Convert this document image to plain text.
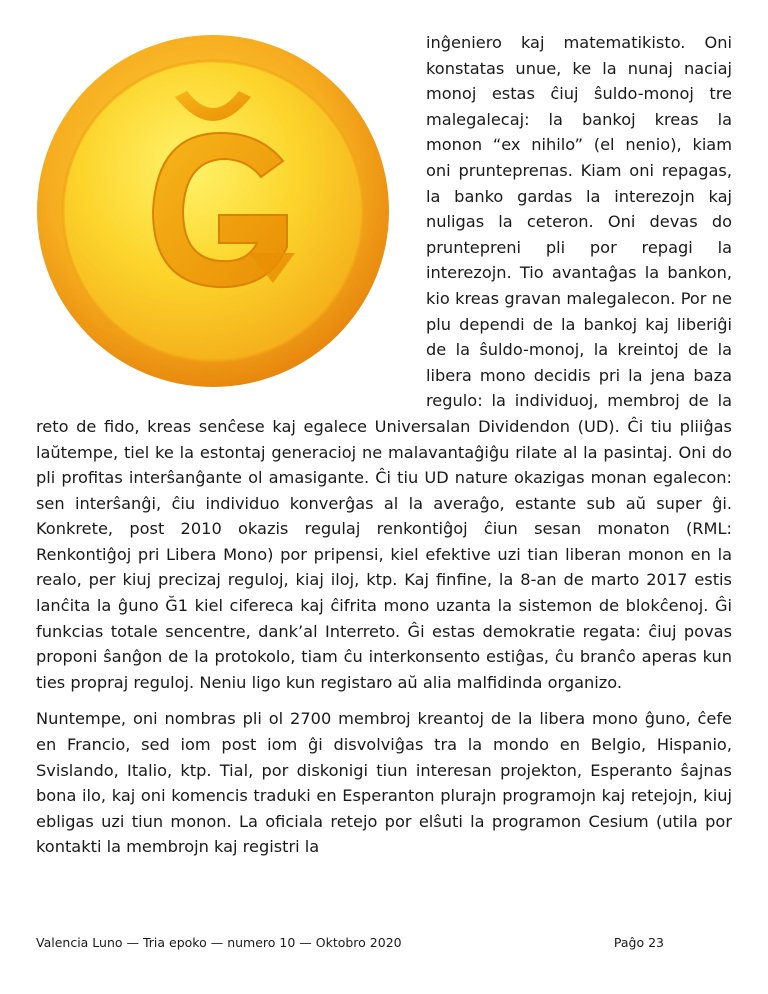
inĝeniero kaj matematikisto. Oni konstatas unue, ke la nunaj naciaj monoj estas ĉiuj ŝuldo-monoj tre malegalecaj: la bankoj kreas la monon “ex nihilo” (el nenio), kiam oni pruntepreпas. Kiam oni repagas, la banko gardas la interezojn kaj nuligas la ceteron. Oni devas do pruntepreni pli por repagi la interezojn. Tio avantaĝas la bankon, kio kreas gravan malegalecon. Por ne plu dependi de la bankoj kaj liberiĝi de la ŝuldo-monoj, la kreintoj de la libera mono decidis pri la jena baza regulo: la individuoj, membroj de la reto de fido, kreas senĉese kaj egalece Universalan Dividendon (UD). Ĉi tiu pliiĝas laŭtempe, tiel ke la estontaj generacioj ne malavantaĝiĝu rilate al la pasintaj. Oni do pli profitas interŝanĝante ol amasigante. Ĉi tiu UD nature okazigas monan egalecon: sen interŝanĝi, ĉiu individuo konverĝas al la averaĝo, estante sub aŭ super ĝi. Konkrete, post 2010 okazis regulaj renkontiĝoj ĉiun sesan monaton (RML: Renkontiĝoj pri Libera Mono) por pripensi, kiel efektive uzi tian liberan monon en la realo, per kiuj precizaj reguloj, kiaj iloj, ktp. Kaj finfine, la 8-an de marto 2017 estis lanĉita la ĝuno Ğ1 kiel cifereca kaj ĉifrita mono uzanta la sistemon de blokĉenoj. Ĝi funkcias totale sencentre, dank’al Interreto. Ĝi estas demokratie regata: ĉiuj povas proponi ŝanĝon de la protokolo, tiam ĉu interkonsento estiĝas, ĉu branĉo aperas kun ties propraj reguloj. Neniu ligo kun registaro aŭ alia malfidinda organizo.

Nuntempe, oni nombras pli ol 2700 membroj kreantoj de la libera mono ĝuno, ĉefe en Francio, sed iom post iom ĝi disvolviĝas tra la mondo en Belgio, Hispanio, Svislando, Italio, ktp. Tial, por diskonigi tiun interesan projekton, Esperanto ŝajnas bona ilo, kaj oni komencis traduki en Esperanton plurajn programojn kaj retejojn, kiuj ebligas uzi tiun monon. La oficiala retejo por elŝuti la programon Cesium (utila por kontakti la membrojn kaj registri la

Valencia Luno — Tria epoko — numero 10 — Oktobro 2020	Paĝo 23
